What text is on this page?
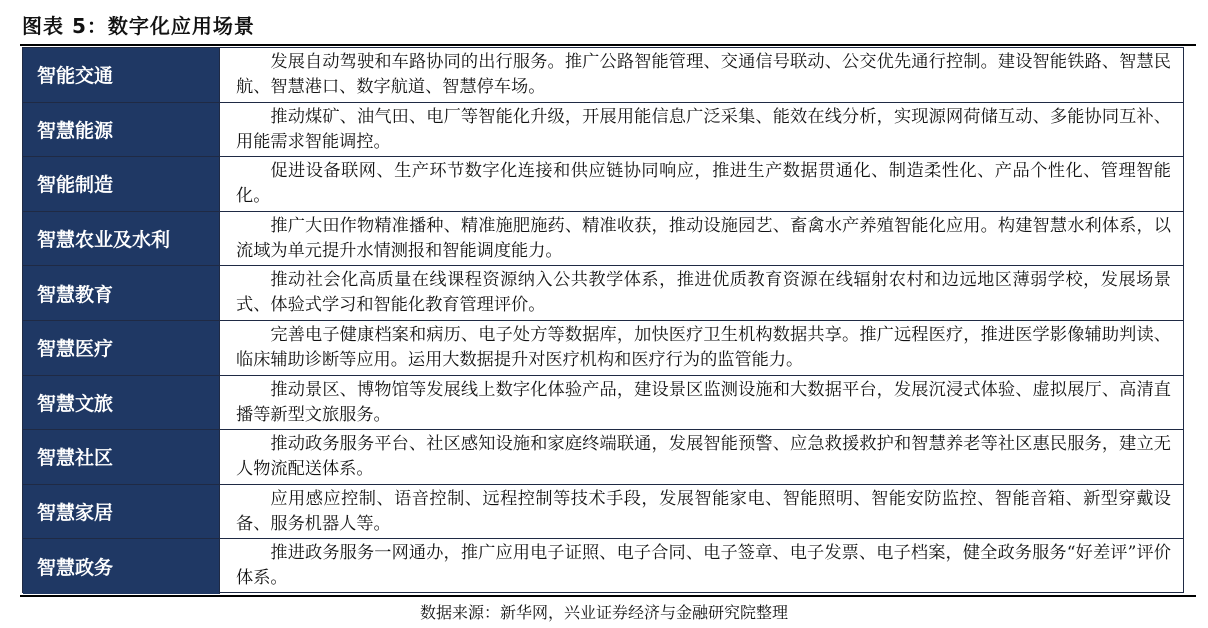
图表 5：数字化应用场景
智能交通
发展自动驾驶和车路协同的出行服务。推广公路智能管理、交通信号联动、公交优先通行控制。建设智能铁路、智慧民航、智慧港口、数字航道、智慧停车场。
智慧能源
推动煤矿、油气田、电厂等智能化升级，开展用能信息广泛采集、能效在线分析，实现源网荷储互动、多能协同互补、用能需求智能调控。
智能制造
促进设备联网、生产环节数字化连接和供应链协同响应，推进生产数据贯通化、制造柔性化、产品个性化、管理智能化。
智慧农业及水利
推广大田作物精准播种、精准施肥施药、精准收获，推动设施园艺、畜禽水产养殖智能化应用。构建智慧水利体系，以流域为单元提升水情测报和智能调度能力。
智慧教育
推动社会化高质量在线课程资源纳入公共教学体系，推进优质教育资源在线辐射农村和边远地区薄弱学校，发展场景式、体验式学习和智能化教育管理评价。
智慧医疗
完善电子健康档案和病历、电子处方等数据库，加快医疗卫生机构数据共享。推广远程医疗，推进医学影像辅助判读、临床辅助诊断等应用。运用大数据提升对医疗机构和医疗行为的监管能力。
智慧文旅
推动景区、博物馆等发展线上数字化体验产品，建设景区监测设施和大数据平台，发展沉浸式体验、虚拟展厅、高清直播等新型文旅服务。
智慧社区
推动政务服务平台、社区感知设施和家庭终端联通，发展智能预警、应急救援救护和智慧养老等社区惠民服务，建立无人物流配送体系。
智慧家居
应用感应控制、语音控制、远程控制等技术手段，发展智能家电、智能照明、智能安防监控、智能音箱、新型穿戴设备、服务机器人等。
智慧政务
推进政务服务一网通办，推广应用电子证照、电子合同、电子签章、电子发票、电子档案，健全政务服务“好差评”评价体系。
数据来源：新华网，兴业证券经济与金融研究院整理
